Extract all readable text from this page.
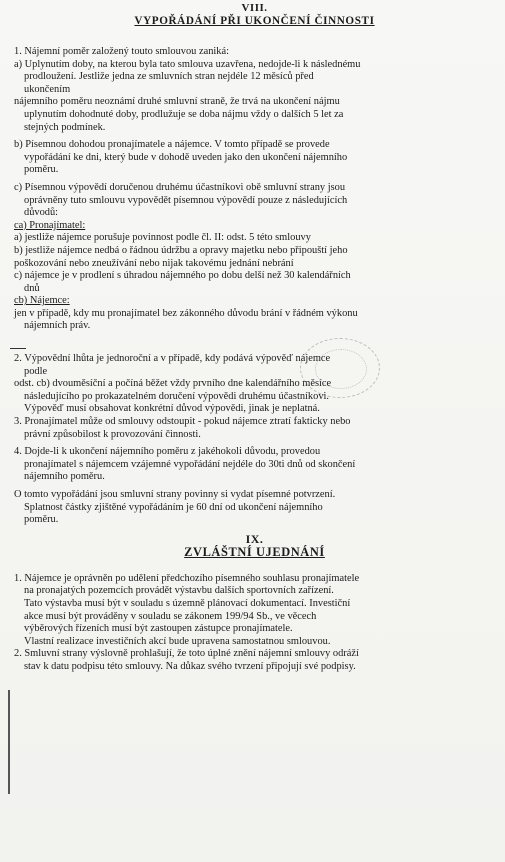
VIII.

VYPOŘÁDÁNÍ PŘI UKONČENÍ ČINNOSTI

1. Nájemní poměr založený touto smlouvou zaniká:

a) Uplynutím doby, na kterou byla tato smlouva uzavřena, nedojde-li k následnému

prodloužení. Jestliže jedna ze smluvních stran nejdéle 12 měsíců před

ukončením

nájemního poměru neoznámí druhé smluvní straně, že trvá na ukončení nájmu

uplynutím dohodnuté doby, prodlužuje se doba nájmu vždy o dalších 5 let za

stejných podmínek.

b) Písemnou dohodou pronajímatele a nájemce. V tomto případě se provede

vypořádání ke dni, který bude v dohodě uveden jako den ukončení nájemního

poměru.

c) Písemnou výpovědí doručenou druhému účastníkovi obě smluvní strany jsou

oprávněny tuto smlouvu vypovědět písemnou výpovědí pouze z následujících

důvodů:

ca) Pronajímatel:

a) jestliže nájemce porušuje povinnost podle čl. II: odst. 5 této smlouvy

b) jestliže nájemce nedbá o řádnou údržbu a opravy majetku nebo připouští jeho

poškozování nebo zneužívání nebo nijak takovému jednání nebrání

c) nájemce je v prodlení s úhradou nájemného po dobu delší než 30 kalendářních

dnů

cb) Nájemce:

jen v případě, kdy mu pronajímatel bez zákonného důvodu brání v řádném výkonu

nájemních práv.

2. Výpovědní lhůta je jednoroční a v případě, kdy podává výpověď nájemce

podle

odst. cb) dvouměsíční a počíná běžet vždy prvního dne kalendářního měsíce

následujícího po prokazatelném doručení výpovědi druhému účastníkovi.

Výpověď musí obsahovat konkrétní důvod výpovědi, jinak je neplatná.

3. Pronajímatel může od smlouvy odstoupit - pokud nájemce ztratí fakticky nebo

právní způsobilost k provozování činnosti.

4. Dojde-li k ukončení nájemního poměru z jakéhokoli důvodu, provedou

pronajímatel s nájemcem vzájemné vypořádání nejdéle do 30ti dnů od skončení

nájemního poměru.

O tomto vypořádání jsou smluvní strany povinny si vydat písemné potvrzení.

Splatnost částky zjištěné vypořádáním je 60 dní od ukončení nájemního

poměru.

IX.

ZVLÁŠTNÍ UJEDNÁNÍ

1. Nájemce je oprávněn po udělení předchozího písemného souhlasu pronajímatele

na pronajatých pozemcích provádět výstavbu dalších sportovních zařízení.

Tato výstavba musí být v souladu s územně plánovací dokumentací. Investiční

akce musí být prováděny v souladu se zákonem 199/94 Sb., ve věcech

výběrových řízeních musí být zastoupen zástupce pronajímatele.

Vlastní realizace investičních akcí bude upravena samostatnou smlouvou.

2. Smluvní strany výslovně prohlašují, že toto úplné znění nájemní smlouvy odráží

stav k datu podpisu této smlouvy. Na důkaz svého tvrzení připojují své podpisy.
